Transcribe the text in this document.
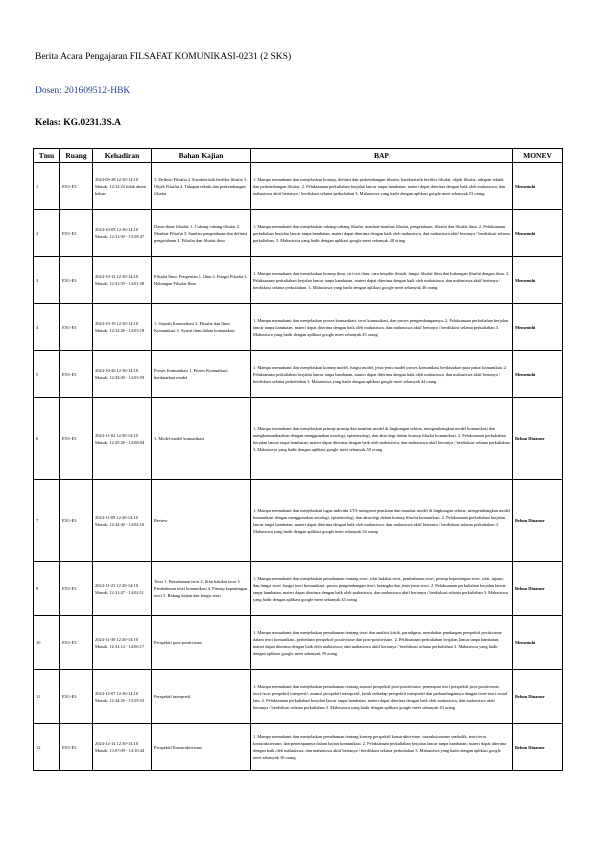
Berita Acara Pengajaran FILSAFAT KOMUNIKASI-0231 (2 SKS)
Dosen: 201609512-HBK
Kelas: KG.0231.3S.A
Tmu	Ruang	Kehadiran	Bahan Kajian	BAP	MONEV
1	EN1-E3	2024-09-28 12:30-14:10 Masuk: 12:32:23 tidak absen keluar	1. Definisi Filsafat 2. Karakteristik berfikir filsafat 3. Objek Filsafat 4. Tahapan teknik dan perkembangan filsafat	1. Mampu memahami dan menjelaskan konsep, definisi dan perkembangan filsafat, karakteristik berfikir filsafat, objek filsafat, tahapan teknik dan perkembangan filsafat. 2. Pelaksanaan perkuliahan berjalan lancar tanpa hambatan, materi dapat diterima dengan baik oleh mahasiswa, dan mahasiswa aktif bertanya / berdiskusi selama perkuliahan 3. Mahasiswa yang hadir dengan aplikasi google meet sebanyak 53 orang	Memenuhi
2	EN1-E3	2024-10-05 12:30-14:10 Masuk: 12:31:50 - 13:58:47	Dasar-dasar filsafat: 1. Cabang-cabang filsafat 2. Manfaat Filsafat 3. Sumber pengetahuan dan definisi pengetahuan 4. Filsafat dan filsafat ilmu	1. Mampu memahami dan menjelaskan cabang-cabang filsafat, manfaat-manfaat filsafat, pengetahuan, filsafat dan filsafat ilmu. 2. Pelaksanaan perkuliahan berjalan lancar tanpa hambatan, materi dapat diterima dengan baik oleh mahasiswa, dan mahasiswa aktif bertanya / berdiskusi selama perkuliahan. 3. Mahasiswa yang hadir dengan aplikasi google meet sebanyak 48 orang	Memenuhi
3	EN1-E3	2024-10-12 12:30-14:10 Masuk: 12:31:59 - 14:01:58	Filsafat Ilmu: Pengertian 1. Ilmu 2. Fungsi Filsafat 3. Hubungan Filsafat Ilmu	1. Mampu memahami dan menjelaskan konsep ilmu, ciri-ciri ilmu, cara berpikir ilmiah, fungsi filsafat ilmu dan hubungan filsafat dengan ilmu. 2. Pelaksanaan perkuliahan berjalan lancar tanpa hambatan, materi dapat diterima dengan baik oleh mahasiswa, dan mahasiswa aktif bertanya / berdiskusi selama perkuliahan. 3. Mahasiswa yang hadir dengan aplikasi google meet sebanyak 46 orang	Memenuhi
4	EN1-E3	2024-10-19 12:30-14:10 Masuk: 12:32:26 - 14:03:18	1. Sejarah Komunikasi 2. Filsafat dan Ilmu Komunikasi 3. Syarat ilmu dalam komunikasi	1. Mampu memahami dan menjelaskan proses komunikasi, teori komunikasi, dan proses pengembangannya. 2. Pelaksanaan perkuliahan berjalan lancar tanpa hambatan, materi dapat diterima dengan baik oleh mahasiswa, dan mahasiswa aktif bertanya / berdiskusi selama perkuliahan 3. Mahasiswa yang hadir dengan aplikasi google meet sebanyak 45 orang	Memenuhi
5	EN1-E3	2024-10-26 12:30-14:10 Masuk: 12:33:49 - 14:03:59	Proses Komunikasi 1. Proses Komunikasi berdasarkan model	1. Mampu memahami dan menjelaskan konsep model, fungsi model, jenis-jenis model proses komunikasi berdasarkan para pakar komunikasi 2. Pelaksanaan perkuliahan berjalan lancar tanpa hambatan, materi dapat diterima dengan baik oleh mahasiswa, dan mahasiswa aktif bertanya / berdiskusi selama perkuliahan 3. Mahasiswa yang hadir dengan aplikasi google meet sebanyak 44 orang	Memenuhi
6	EN1-E3	2024-11-02 12:30-14:10 Masuk: 12:35:28 - 14:08:04	1. Model-model komunikasi	1. Mampu memahami dan menjelaskan prinsip-prinsip dan manfaat model di lingkungan sekitar, mengembangkan model komunikasi dan mengkomunikasikan dengan menggunakan ontologi, epistemologi, dan aksiologi dalam konsep filsafat komunikasi. 2. Pelaksanaan perkuliahan berjalan lancar tanpa hambatan, materi dapat diterima dengan baik oleh mahasiswa, dan mahasiswa aktif bertanya / berdiskusi selama perkuliahan 3. Mahasiswa yang hadir dengan aplikasi google meet sebanyak 50 orang	Belum Dinamer
7	EN1-E3	2024-11-09 12:30-14:10 Masuk: 12:32:40 - 14:02:16	Review	1. Mampu memahami dan menjelaskan tugas individu UTS mengenai penilaian dan manfaat model di lingkungan sekitar, mengembangkan model komunikasi dengan menggunakan ontologi, epistemologi, dan aksiologi dalam konsep filsafat komunikasi. 2. Pelaksanaan perkuliahan berjalan lancar tanpa hambatan, materi dapat diterima dengan baik oleh mahasiswa, dan mahasiswa aktif bertanya / berdiskusi selama perkuliahan 3. Mahasiswa yang hadir dengan aplikasi google meet sebanyak 34 orang	Belum Dinamer
9	EN1-E3	2024-11-23 12:30-14:10 Masuk: 12:31:47 - 14:02:11	Teori 1. Pemahaman teori 2. Sifat hakikat teori 3. Pembahasan teori komunikasi 4. Prinsip kepentingan teori 5. Bidang kajian dan fungsi teori	1. Mampu memahami dan menjelaskan pemahaman tentang teori, sifat hakikat teori, pembahasan teori, prinsip kepentingan teori, sifat, tujuan, dan fungsi teori, fungsi teori komunikasi, proses pengembangan teori, kerangka dan jenis-jenis teori. 2. Pelaksanaan perkuliahan berjalan lancar tanpa hambatan, materi dapat diterima dengan baik oleh mahasiswa, dan mahasiswa aktif bertanya / berdiskusi selama perkuliahan 3. Mahasiswa yang hadir dengan aplikasi google meet sebanyak 43 orang	Belum Dinamer
10	EN1-E3	2024-11-30 12:30-14:10 Masuk: 12:31:14 - 14:06:17	Perspektif post-positivisme	1. Mampu memahami dan menjelaskan pemahaman tentang teori dan analisis kritik, paradigma, membahas pandangan perspektif positivisme dalam teori komunikasi, perbedaan perspektif positivisme dan post-positivisme. 2. Pelaksanaan perkuliahan berjalan lancar tanpa hambatan, materi dapat diterima dengan baik oleh mahasiswa, dan mahasiswa aktif bertanya / berdiskusi selama perkuliahan 3. Mahasiswa yang hadir dengan aplikasi google meet sebanyak 39 orang	Memenuhi
11	EN1-E3	2024-12-07 12:30-14:10 Masuk: 12:34:26 - 13:59:53	Perspektif interpretif	1. Mampu memahami dan menjelaskan pemahaman tentang asumsi perspektif post-positivisme, penerapan teori perspektif post-positivisme, teori-teori perspektif interpretif, asumsi perspektif interpretif, kritik terhadap perspektif interpretif dan perbandingannya dengan teori-teori sosial lain. 2. Pelaksanaan perkuliahan berjalan lancar tanpa hambatan, materi dapat diterima dengan baik oleh mahasiswa, dan mahasiswa aktif bertanya / berdiskusi selama perkuliahan 3. Mahasiswa yang hadir dengan aplikasi google meet sebanyak 43 orang	Belum Dinamer
12	EN1-E3	2024-12-14 12:30-14:10 Masuk: 13:07:09 - 14:10:44	Perspektif Konstruktivisme	1. Mampu memahami dan menjelaskan pemahaman tentang konsep perspektif konstruktivisme, interaksionisme simbolik, teori-teori konstruktivisme, dan penerapannya dalam kajian komunikasi. 2. Pelaksanaan perkuliahan berjalan lancar tanpa hambatan, materi dapat diterima dengan baik oleh mahasiswa, dan mahasiswa aktif bertanya / berdiskusi selama perkuliahan 3. Mahasiswa yang hadir dengan aplikasi google meet sebanyak 30 orang	Belum Dinamer
